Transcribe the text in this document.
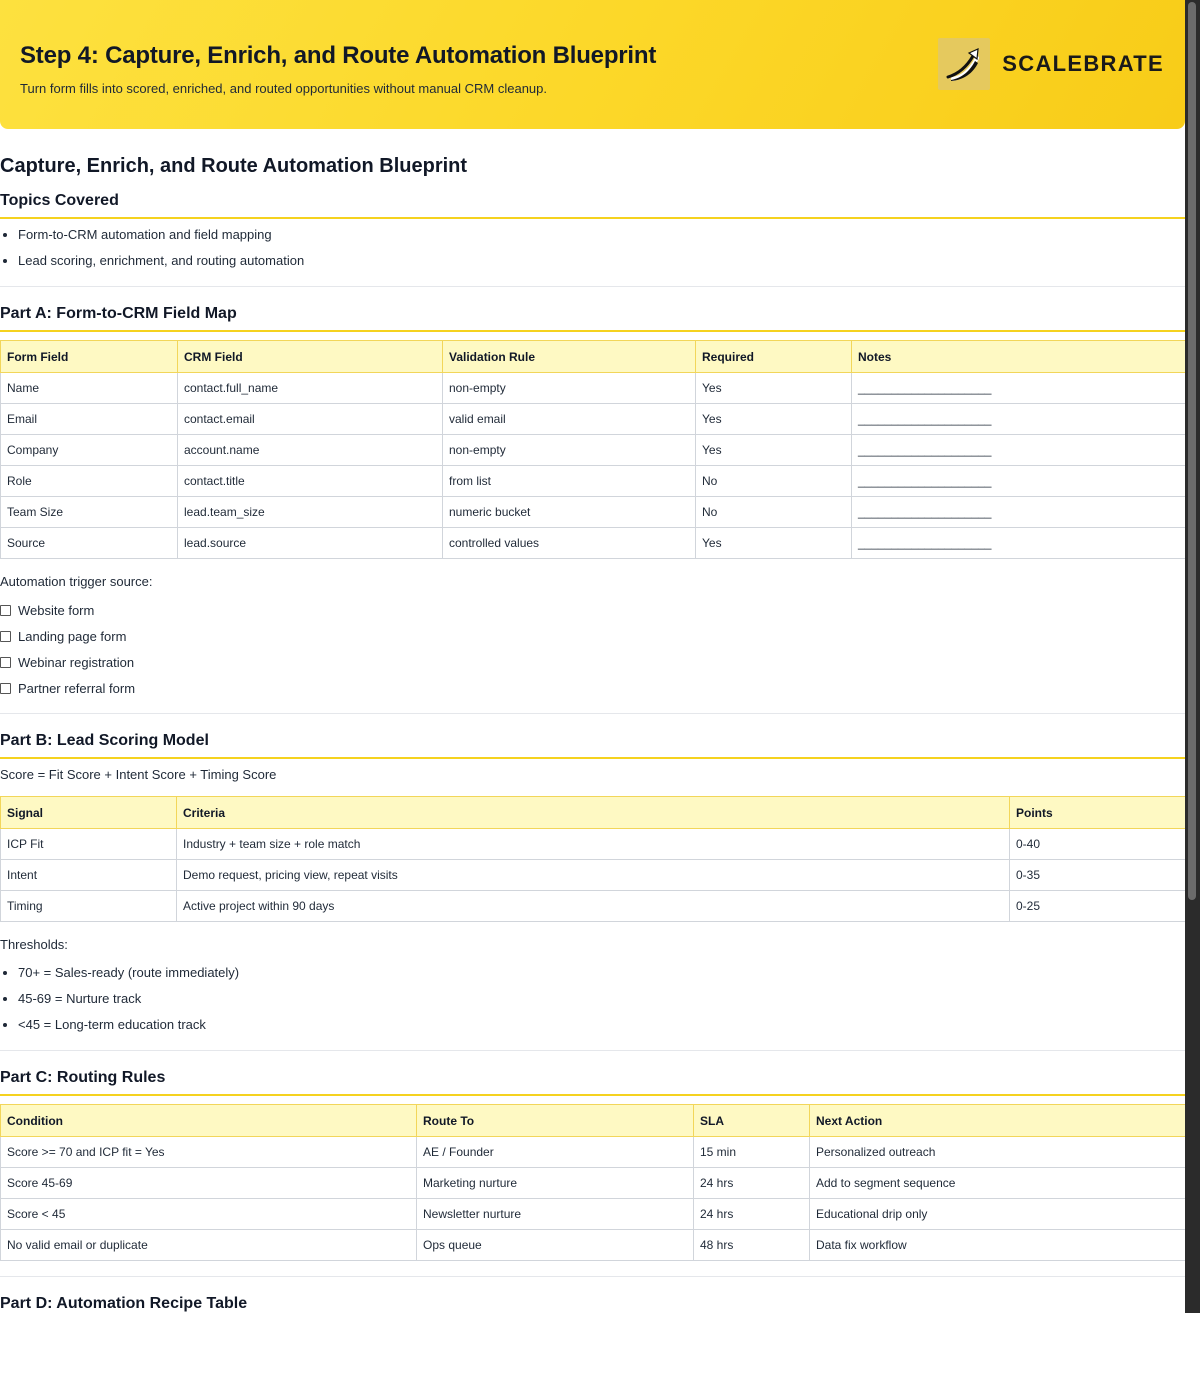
Step 4: Capture, Enrich, and Route Automation Blueprint
Turn form fills into scored, enriched, and routed opportunities without manual CRM cleanup.
SCALEBRATE
Capture, Enrich, and Route Automation Blueprint
Topics Covered
• Form-to-CRM automation and field mapping
• Lead scoring, enrichment, and routing automation
Part A: Form-to-CRM Field Map
Form Field	CRM Field	Validation Rule	Required	Notes
Name	contact.full_name	non-empty	Yes	____________________
Email	contact.email	valid email	Yes	____________________
Company	account.name	non-empty	Yes	____________________
Role	contact.title	from list	No	____________________
Team Size	lead.team_size	numeric bucket	No	____________________
Source	lead.source	controlled values	Yes	____________________

Automation trigger source:

Website form
Landing page form
Webinar registration
Partner referral form
Part B: Lead Scoring Model

Score = Fit Score + Intent Score + Timing Score

Signal	Criteria	Points
ICP Fit	Industry + team size + role match	0-40
Intent	Demo request, pricing view, repeat visits	0-35
Timing	Active project within 90 days	0-25

Thresholds:

• 70+ = Sales-ready (route immediately)
• 45-69 = Nurture track
• <45 = Long-term education track
Part C: Routing Rules
Condition	Route To	SLA	Next Action
Score >= 70 and ICP fit = Yes	AE / Founder	15 min	Personalized outreach
Score 45-69	Marketing nurture	24 hrs	Add to segment sequence
Score < 45	Newsletter nurture	24 hrs	Educational drip only
No valid email or duplicate	Ops queue	48 hrs	Data fix workflow
Part D: Automation Recipe Table
